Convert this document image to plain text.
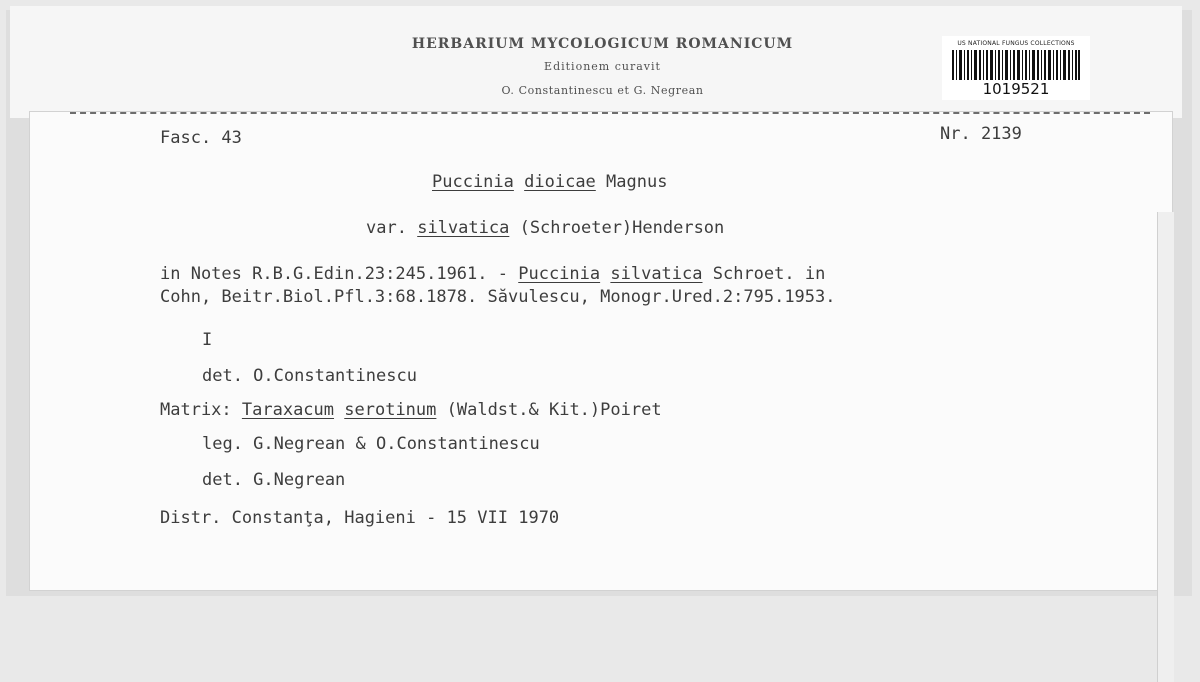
HERBARIUM MYCOLOGICUM ROMANICUM
Editionem curavit
O. Constantinescu et G. Negrean
US NATIONAL FUNGUS COLLECTIONS
1019521
Fasc. 43	Nr. 2139
Puccinia dioicae Magnus
var. silvatica (Schroeter)Henderson
in Notes R.B.G.Edin.23:245.1961. - Puccinia silvatica Schroet. in
Cohn, Beitr.Biol.Pfl.3:68.1878. Săvulescu, Monogr.Ured.2:795.1953.
I
det. O.Constantinescu
Matrix: Taraxacum serotinum (Waldst.& Kit.)Poiret
leg. G.Negrean & O.Constantinescu
det. G.Negrean
Distr. Constanţa, Hagieni - 15 VII 1970
